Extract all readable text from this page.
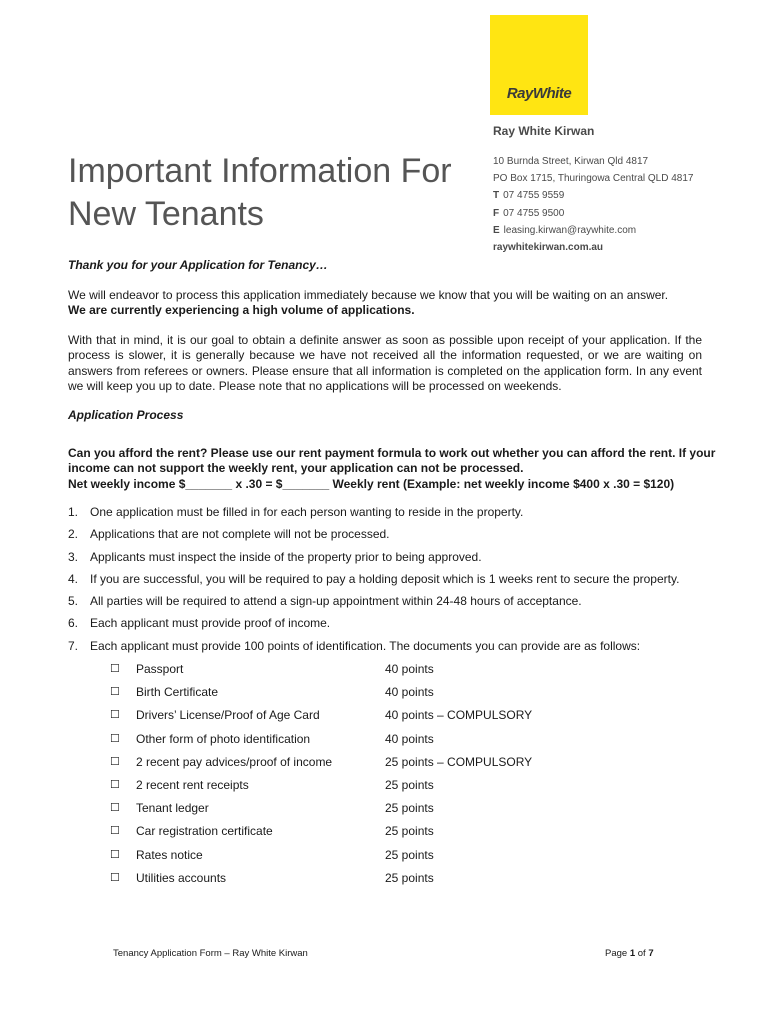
RayWhite
Ray White Kirwan
10 Burnda Street, Kirwan Qld 4817
PO Box 1715, Thuringowa Central QLD 4817
T 07 4755 9559
F 07 4755 9500
E leasing.kirwan@raywhite.com
raywhitekirwan.com.au
Important Information For
New Tenants
Thank you for your Application for Tenancy…
We will endeavor to process this application immediately because we know that you will be waiting on an answer.
We are currently experiencing a high volume of applications.
With that in mind, it is our goal to obtain a definite answer as soon as possible upon receipt of your application. If the process is slower, it is generally because we have not received all the information requested, or we are waiting on answers from referees or owners. Please ensure that all information is completed on the application form. In any event we will keep you up to date. Please note that no applications will be processed on weekends.
Application Process
Can you afford the rent? Please use our rent payment formula to work out whether you can afford the rent. If your income can not support the weekly rent, your application can not be processed.
Net weekly income $_______ x .30 = $_______ Weekly rent (Example: net weekly income $400 x .30 = $120)
1. One application must be filled in for each person wanting to reside in the property.
2. Applications that are not complete will not be processed.
3. Applicants must inspect the inside of the property prior to being approved.
4. If you are successful, you will be required to pay a holding deposit which is 1 weeks rent to secure the property.
5. All parties will be required to attend a sign-up appointment within 24-48 hours of acceptance.
6. Each applicant must provide proof of income.
7. Each applicant must provide 100 points of identification. The documents you can provide are as follows:
☐	Passport	40 points
☐	Birth Certificate	40 points
☐	Drivers’ License/Proof of Age Card	40 points – COMPULSORY
☐	Other form of photo identification	40 points
☐	2 recent pay advices/proof of income	25 points – COMPULSORY
☐	2 recent rent receipts	25 points
☐	Tenant ledger	25 points
☐	Car registration certificate	25 points
☐	Rates notice	25 points
☐	Utilities accounts	25 points
Tenancy Application Form – Ray White Kirwan	Page 1 of 7
